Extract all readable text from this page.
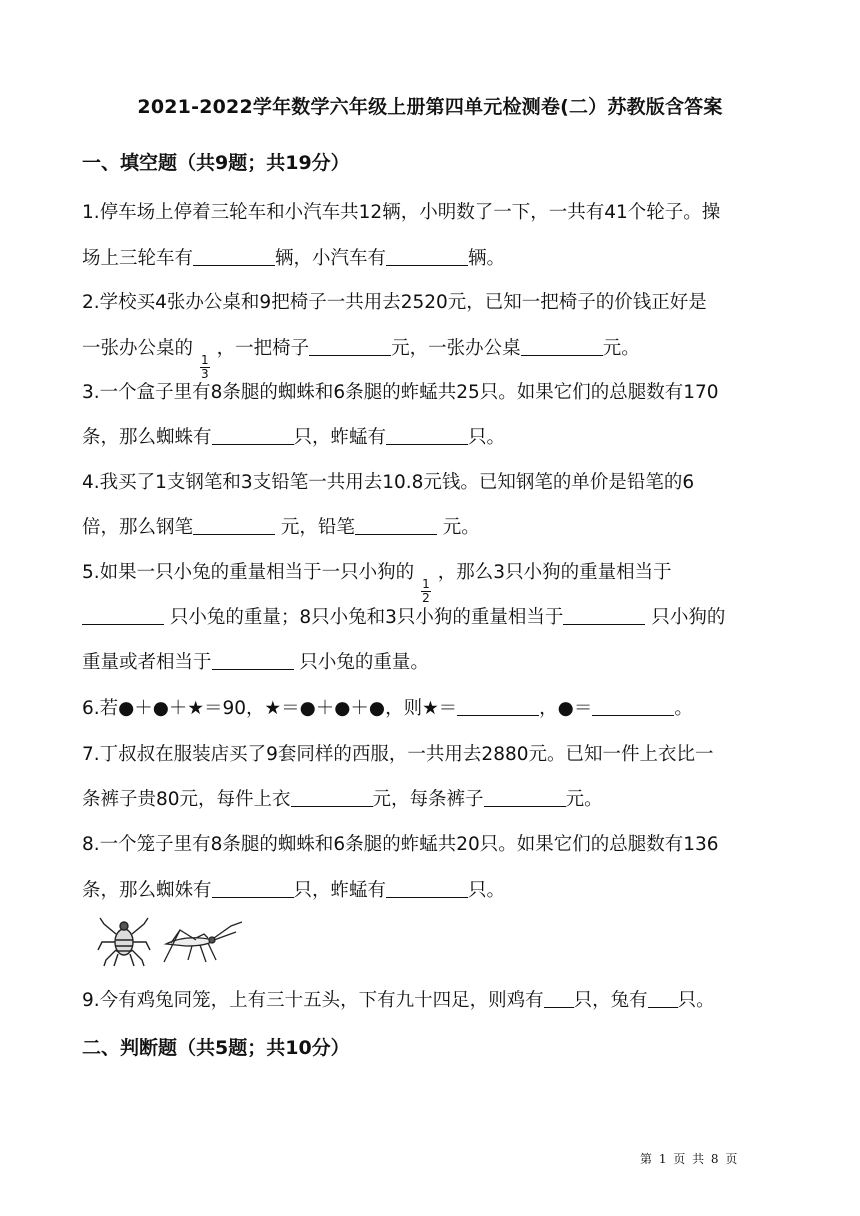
2021-2022学年数学六年级上册第四单元检测卷(二）苏教版含答案
一、填空题（共9题；共19分）
1.停车场上停着三轮车和小汽车共12辆，小明数了一下，一共有41个轮子。操
场上三轮车有	辆，小汽车有	辆。
2.学校买4张办公桌和9把椅子一共用去2520元，已知一把椅子的价钱正好是
一张办公桌的
$\frac{1}{3}$
，一把椅子	元，一张办公桌	元。
3.一个盒子里有8条腿的蜘蛛和6条腿的蚱蜢共25只。如果它们的总腿数有170
条，那么蜘蛛有	只，蚱蜢有	只。
4.我买了1支钢笔和3支铅笔一共用去10.8元钱。已知钢笔的单价是铅笔的6
倍，那么钢笔	元，铅笔	元。
5.如果一只小兔的重量相当于一只小狗的
$\frac{1}{2}$
，那么3只小狗的重量相当于
只小兔的重量；8只小兔和3只小狗的重量相当于	只小狗的
重量或者相当于	只小兔的重量。
6.若●＋●＋★＝90，★＝●＋●＋●，则★＝	，●＝	。
7.丁叔叔在服装店买了9套同样的西服，一共用去2880元。已知一件上衣比一
条裤子贵80元，每件上衣	元，每条裤子	元。
8.一个笼子里有8条腿的蜘蛛和6条腿的蚱蜢共20只。如果它们的总腿数有136
条，那么蜘姝有	只，蚱蜢有	只。
9.今有鸡兔同笼，上有三十五头，下有九十四足，则鸡有 只，兔有 只。
二、判断题（共5题；共10分）
第 1 页 共 8 页
